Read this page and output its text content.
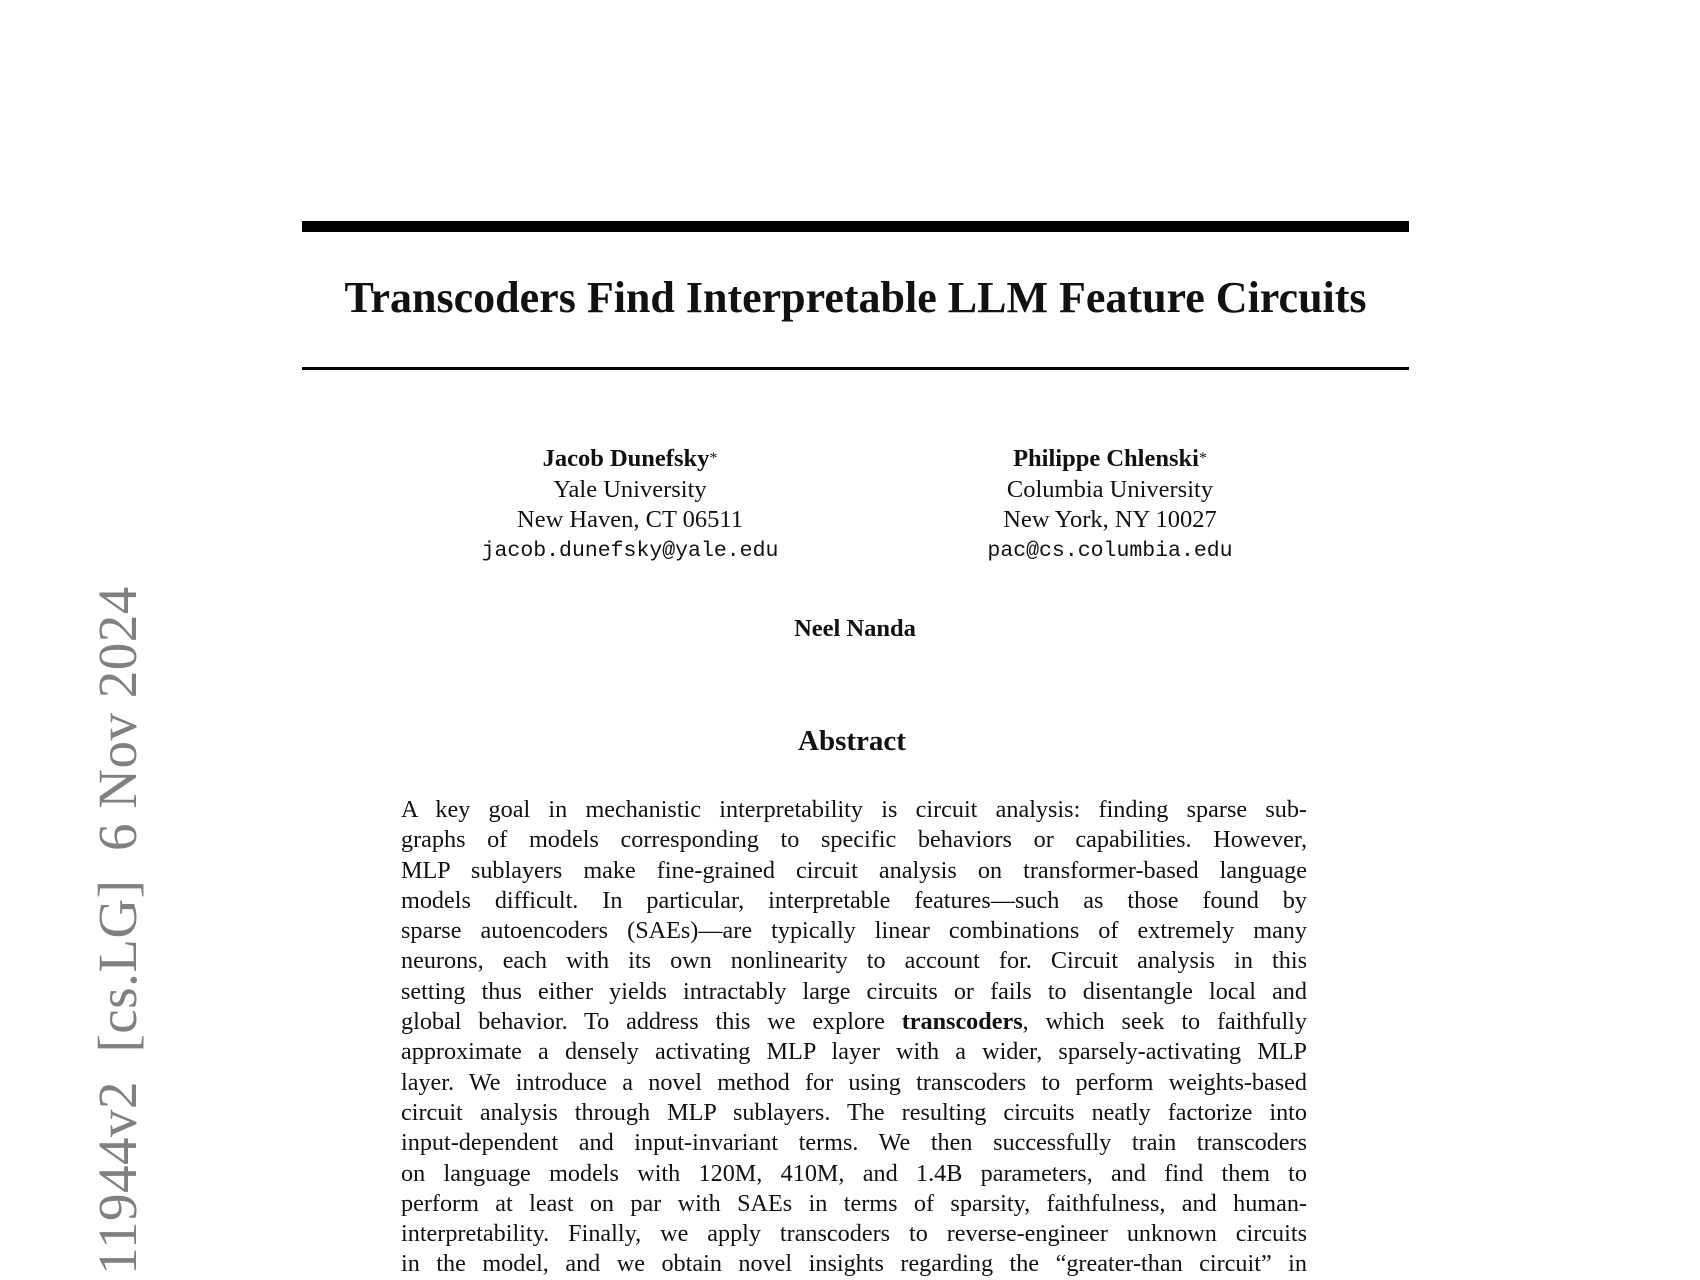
11944v2  [cs.LG]  6 Nov 2024
Transcoders Find Interpretable LLM Feature Circuits
Jacob Dunefsky*
Yale University
New Haven, CT 06511
jacob.dunefsky@yale.edu
Philippe Chlenski*
Columbia University
New York, NY 10027
pac@cs.columbia.edu
Neel Nanda
Abstract
A key goal in mechanistic interpretability is circuit analysis: finding sparse sub-
graphs of models corresponding to specific behaviors or capabilities. However,
MLP sublayers make fine-grained circuit analysis on transformer-based language
models difficult. In particular, interpretable features—such as those found by
sparse autoencoders (SAEs)—are typically linear combinations of extremely many
neurons, each with its own nonlinearity to account for. Circuit analysis in this
setting thus either yields intractably large circuits or fails to disentangle local and
global behavior. To address this we explore transcoders, which seek to faithfully
approximate a densely activating MLP layer with a wider, sparsely-activating MLP
layer. We introduce a novel method for using transcoders to perform weights-based
circuit analysis through MLP sublayers. The resulting circuits neatly factorize into
input-dependent and input-invariant terms. We then successfully train transcoders
on language models with 120M, 410M, and 1.4B parameters, and find them to
perform at least on par with SAEs in terms of sparsity, faithfulness, and human-
interpretability. Finally, we apply transcoders to reverse-engineer unknown circuits
in the model, and we obtain novel insights regarding the “greater-than circuit” in
